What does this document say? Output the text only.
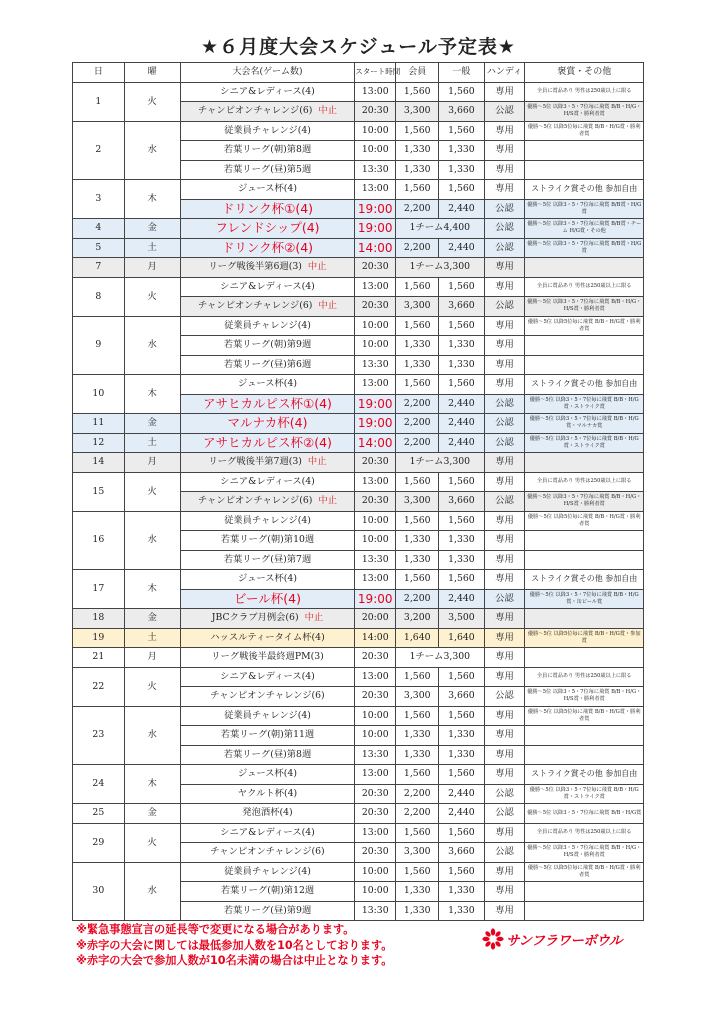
★６月度大会スケジュール予定表★
日	曜	大会名(ゲーム数)	スタート時間	会員	一般	ハンディ	褒賞・その他
1	火	シニア&レディース(4)	13:00	1,560	1,560	専用	全員に賞品あり 男性は250歳以上に限る
		チャンピオンチャレンジ(6) 中止	20:30	3,300	3,660	公認	優勝～5位 以降3・5・7位毎に飛賞 B/B・H/G・H/S賞・勝利者賞
2	水	従業員チャレンジ(4)	10:00	1,560	1,560	専用	優勝～5位 以降5位毎に飛賞 B/B・H/G賞・勝利者賞
		若葉リーグ(朝)第8週	10:00	1,330	1,330	専用	
		若葉リーグ(昼)第5週	13:30	1,330	1,330	専用	
3	木	ジュース杯(4)	13:00	1,560	1,560	専用	ストライク賞その他 参加自由
		ドリンク杯①(4)	19:00	2,200	2,440	公認	優勝～5位 以降3・5・7位毎に飛賞 B/B賞・H/G賞
4	金	フレンドシップ(4)	19:00	1チーム4,400		公認	優勝～5位 以降3・5・7位毎に飛賞 B/B賞・チーム H/G賞・その他
5	土	ドリンク杯②(4)	14:00	2,200	2,440	公認	優勝～5位 以降3・5・7位毎に飛賞 B/B賞・H/G賞
7	月	リーグ戦後半第6週(3) 中止	20:30	1チーム3,300		専用	
8	火	シニア&レディース(4)	13:00	1,560	1,560	専用	全員に賞品あり 男性は250歳以上に限る
		チャンピオンチャレンジ(6) 中止	20:30	3,300	3,660	公認	優勝～5位 以降3・5・7位毎に飛賞 B/B・H/G・H/S賞・勝利者賞
9	水	従業員チャレンジ(4)	10:00	1,560	1,560	専用	優勝～5位 以降5位毎に飛賞 B/B・H/G賞・勝利者賞
		若葉リーグ(朝)第9週	10:00	1,330	1,330	専用	
		若葉リーグ(昼)第6週	13:30	1,330	1,330	専用	
10	木	ジュース杯(4)	13:00	1,560	1,560	専用	ストライク賞その他 参加自由
		アサヒカルピス杯①(4)	19:00	2,200	2,440	公認	優勝～5位 以降3・5・7位毎に飛賞 B/B・H/G賞・ストライク賞
11	金	マルナカ杯(4)	19:00	2,200	2,440	公認	優勝～5位 以降3・5・7位毎に飛賞 B/B・H/G賞・マルナカ賞
12	土	アサヒカルピス杯②(4)	14:00	2,200	2,440	公認	優勝～5位 以降3・5・7位毎に飛賞 B/B・H/G賞・ストライク賞
14	月	リーグ戦後半第7週(3) 中止	20:30	1チーム3,300		専用	
15	火	シニア&レディース(4)	13:00	1,560	1,560	専用	全員に賞品あり 男性は250歳以上に限る
		チャンピオンチャレンジ(6) 中止	20:30	3,300	3,660	公認	優勝～5位 以降3・5・7位毎に飛賞 B/B・H/G・H/S賞・勝利者賞
16	水	従業員チャレンジ(4)	10:00	1,560	1,560	専用	優勝～5位 以降5位毎に飛賞 B/B・H/G賞・勝利者賞
		若葉リーグ(朝)第10週	10:00	1,330	1,330	専用	
		若葉リーグ(昼)第7週	13:30	1,330	1,330	専用	
17	木	ジュース杯(4)	13:00	1,560	1,560	専用	ストライク賞その他 参加自由
		ビール杯(4)	19:00	2,200	2,440	公認	優勝～5位 以降3・5・7位毎に飛賞 B/B・H/G賞・缶ビール賞
18	金	JBCクラブ月例会(6) 中止	20:00	3,200	3,500	専用	
19	土	ハッスルティータイム杯(4)	14:00	1,640	1,640	専用	優勝～5位 以降5位毎に飛賞 B/B・H/G賞・参加賞
21	月	リーグ戦後半最終週PM(3)	20:30	1チーム3,300		専用	
22	火	シニア&レディース(4)	13:00	1,560	1,560	専用	全員に賞品あり 男性は250歳以上に限る
		チャンピオンチャレンジ(6)	20:30	3,300	3,660	公認	優勝～5位 以降3・5・7位毎に飛賞 B/B・H/G・H/S賞・勝利者賞
23	水	従業員チャレンジ(4)	10:00	1,560	1,560	専用	優勝～5位 以降5位毎に飛賞 B/B・H/G賞・勝利者賞
		若葉リーグ(朝)第11週	10:00	1,330	1,330	専用	
		若葉リーグ(昼)第8週	13:30	1,330	1,330	専用	
24	木	ジュース杯(4)	13:00	1,560	1,560	専用	ストライク賞その他 参加自由
		ヤクルト杯(4)	20:30	2,200	2,440	公認	優勝～5位 以降3・5・7位毎に飛賞 B/B・H/G賞・ストライク賞
25	金	発泡酒杯(4)	20:30	2,200	2,440	公認	優勝～5位 以降3・5・7位毎に飛賞 B/B・H/G賞
29	火	シニア&レディース(4)	13:00	1,560	1,560	専用	全員に賞品あり 男性は250歳以上に限る
		チャンピオンチャレンジ(6)	20:30	3,300	3,660	公認	優勝～5位 以降3・5・7位毎に飛賞 B/B・H/G・H/S賞・勝利者賞
30	水	従業員チャレンジ(4)	10:00	1,560	1,560	専用	優勝～5位 以降5位毎に飛賞 B/B・H/G賞・勝利者賞
		若葉リーグ(朝)第12週	10:00	1,330	1,330	専用	
		若葉リーグ(昼)第9週	13:30	1,330	1,330	専用	
※緊急事態宣言の延長等で変更になる場合があります。
※赤字の大会に関しては最低参加人数を10名としております。
※赤字の大会で参加人数が10名未満の場合は中止となります。
サンフラワーボウル
